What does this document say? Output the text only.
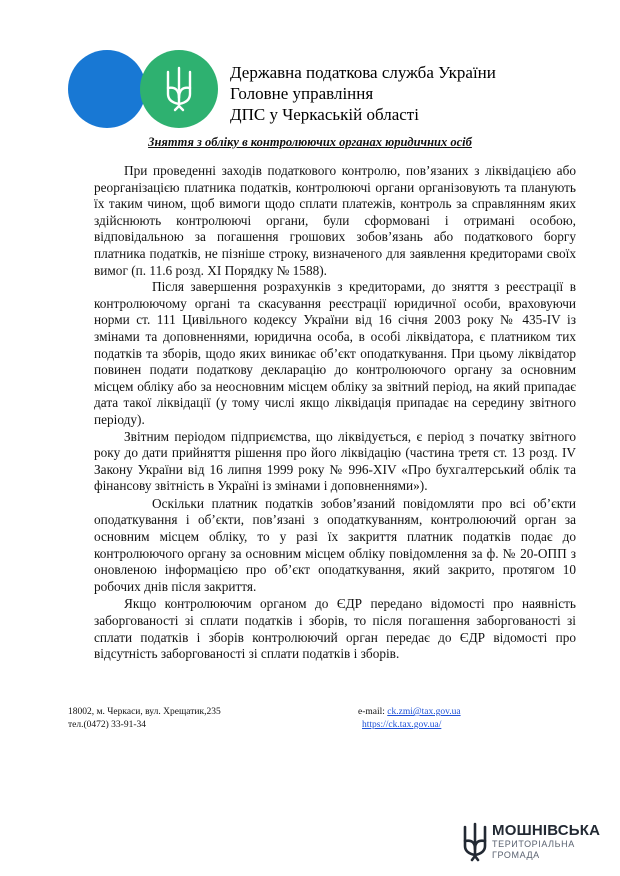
Державна податкова служба України
Головне управління
ДПС у Черкаській області
Зняття з обліку в контролюючих органах юридичних осіб

При проведенні заходів податкового контролю, пов’язаних з ліквідацією або реорганізацією платника податків, контролюючі органи організовують та планують їх таким чином, щоб вимоги щодо сплати платежів, контроль за справлянням яких здійснюють контролюючі органи, були сформовані і отримані особою, відповідальною за погашення грошових зобов’язань або податкового боргу платника податків, не пізніше строку, визначеного для заявлення кредиторами своїх вимог (п. 11.6 розд. ХІ Порядку № 1588).

Після завершення розрахунків з кредиторами, до зняття з реєстрації в контролюючому органі та скасування реєстрації юридичної особи, враховуючи норми ст. 111 Цивільного кодексу України від 16 січня 2003 року № 435-IV із змінами та доповненнями, юридична особа, в особі ліквідатора, є платником тих податків та зборів, щодо яких виникає об’єкт оподаткування. При цьому ліквідатор повинен подати податкову декларацію до контролюючого органу за основним місцем обліку або за неосновним місцем обліку за звітний період, на який припадає дата такої ліквідації (у тому числі якщо ліквідація припадає на середину звітного періоду).

Звітним періодом підприємства, що ліквідується, є період з початку звітного року до дати прийняття рішення про його ліквідацію (частина третя ст. 13 розд. IV Закону України від 16 липня 1999 року № 996-XIV «Про бухгалтерський облік та фінансову звітність в Україні із змінами і доповненнями»).

Оскільки платник податків зобов’язаний повідомляти про всі об’єкти оподаткування і об’єкти, пов’язані з оподаткуванням, контролюючий орган за основним місцем обліку, то у разі їх закриття платник податків подає до контролюючого органу за основним місцем обліку повідомлення за ф. № 20-ОПП з оновленою інформацією про об’єкт оподаткування, який закрито, протягом 10 робочих днів після закриття.

Якщо контролюючим органом до ЄДР передано відомості про наявність заборгованості зі сплати податків і зборів, то після погашення заборгованості зі сплати податків і зборів контролюючий орган передає до ЄДР відомості про відсутність заборгованості зі сплати податків і зборів.

18002, м. Черкаси, вул. Хрещатик,235
тел.(0472) 33-91-34
e-mail: ck.zmi@tax.gov.ua
https://ck.tax.gov.ua/
МОШНІВСЬКА
ТЕРИТОРІАЛЬНА
ГРОМАДА
